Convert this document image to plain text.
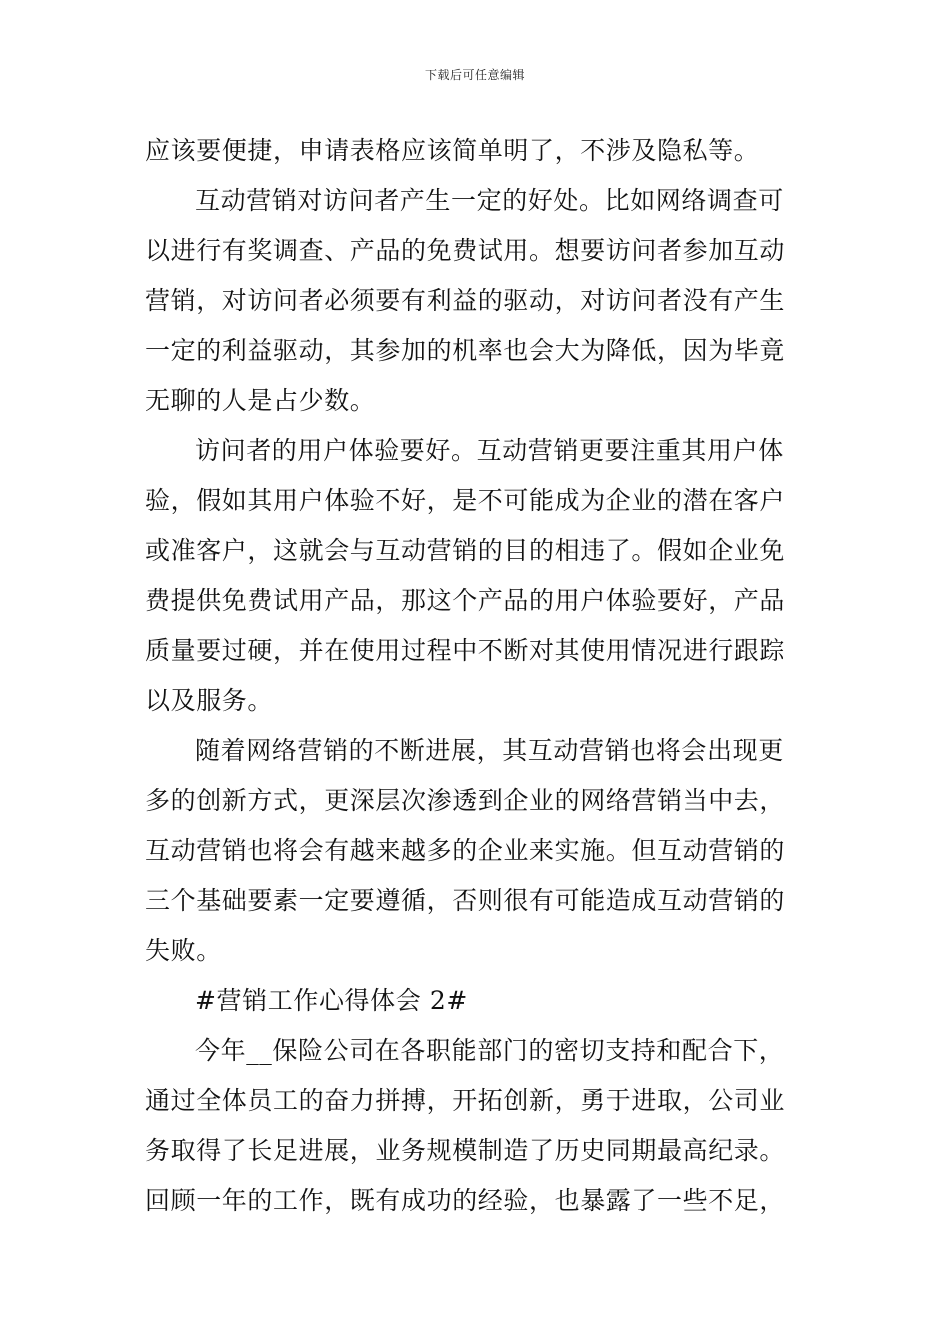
下载后可任意编辑
应该要便捷，申请表格应该简单明了，不涉及隐私等。
互动营销对访问者产生一定的好处。比如网络调查可
以进行有奖调查、产品的免费试用。想要访问者参加互动
营销，对访问者必须要有利益的驱动，对访问者没有产生
一定的利益驱动，其参加的机率也会大为降低，因为毕竟
无聊的人是占少数。
访问者的用户体验要好。互动营销更要注重其用户体
验，假如其用户体验不好，是不可能成为企业的潜在客户
或准客户，这就会与互动营销的目的相违了。假如企业免
费提供免费试用产品，那这个产品的用户体验要好，产品
质量要过硬，并在使用过程中不断对其使用情况进行跟踪
以及服务。
随着网络营销的不断进展，其互动营销也将会出现更
多的创新方式，更深层次渗透到企业的网络营销当中去，
互动营销也将会有越来越多的企业来实施。但互动营销的
三个基础要素一定要遵循，否则很有可能造成互动营销的
失败。
#营销工作心得体会 2#
今年__保险公司在各职能部门的密切支持和配合下，
通过全体员工的奋力拼搏，开拓创新，勇于进取，公司业
务取得了长足进展，业务规模制造了历史同期最高纪录。
回顾一年的工作，既有成功的经验，也暴露了一些不足，
